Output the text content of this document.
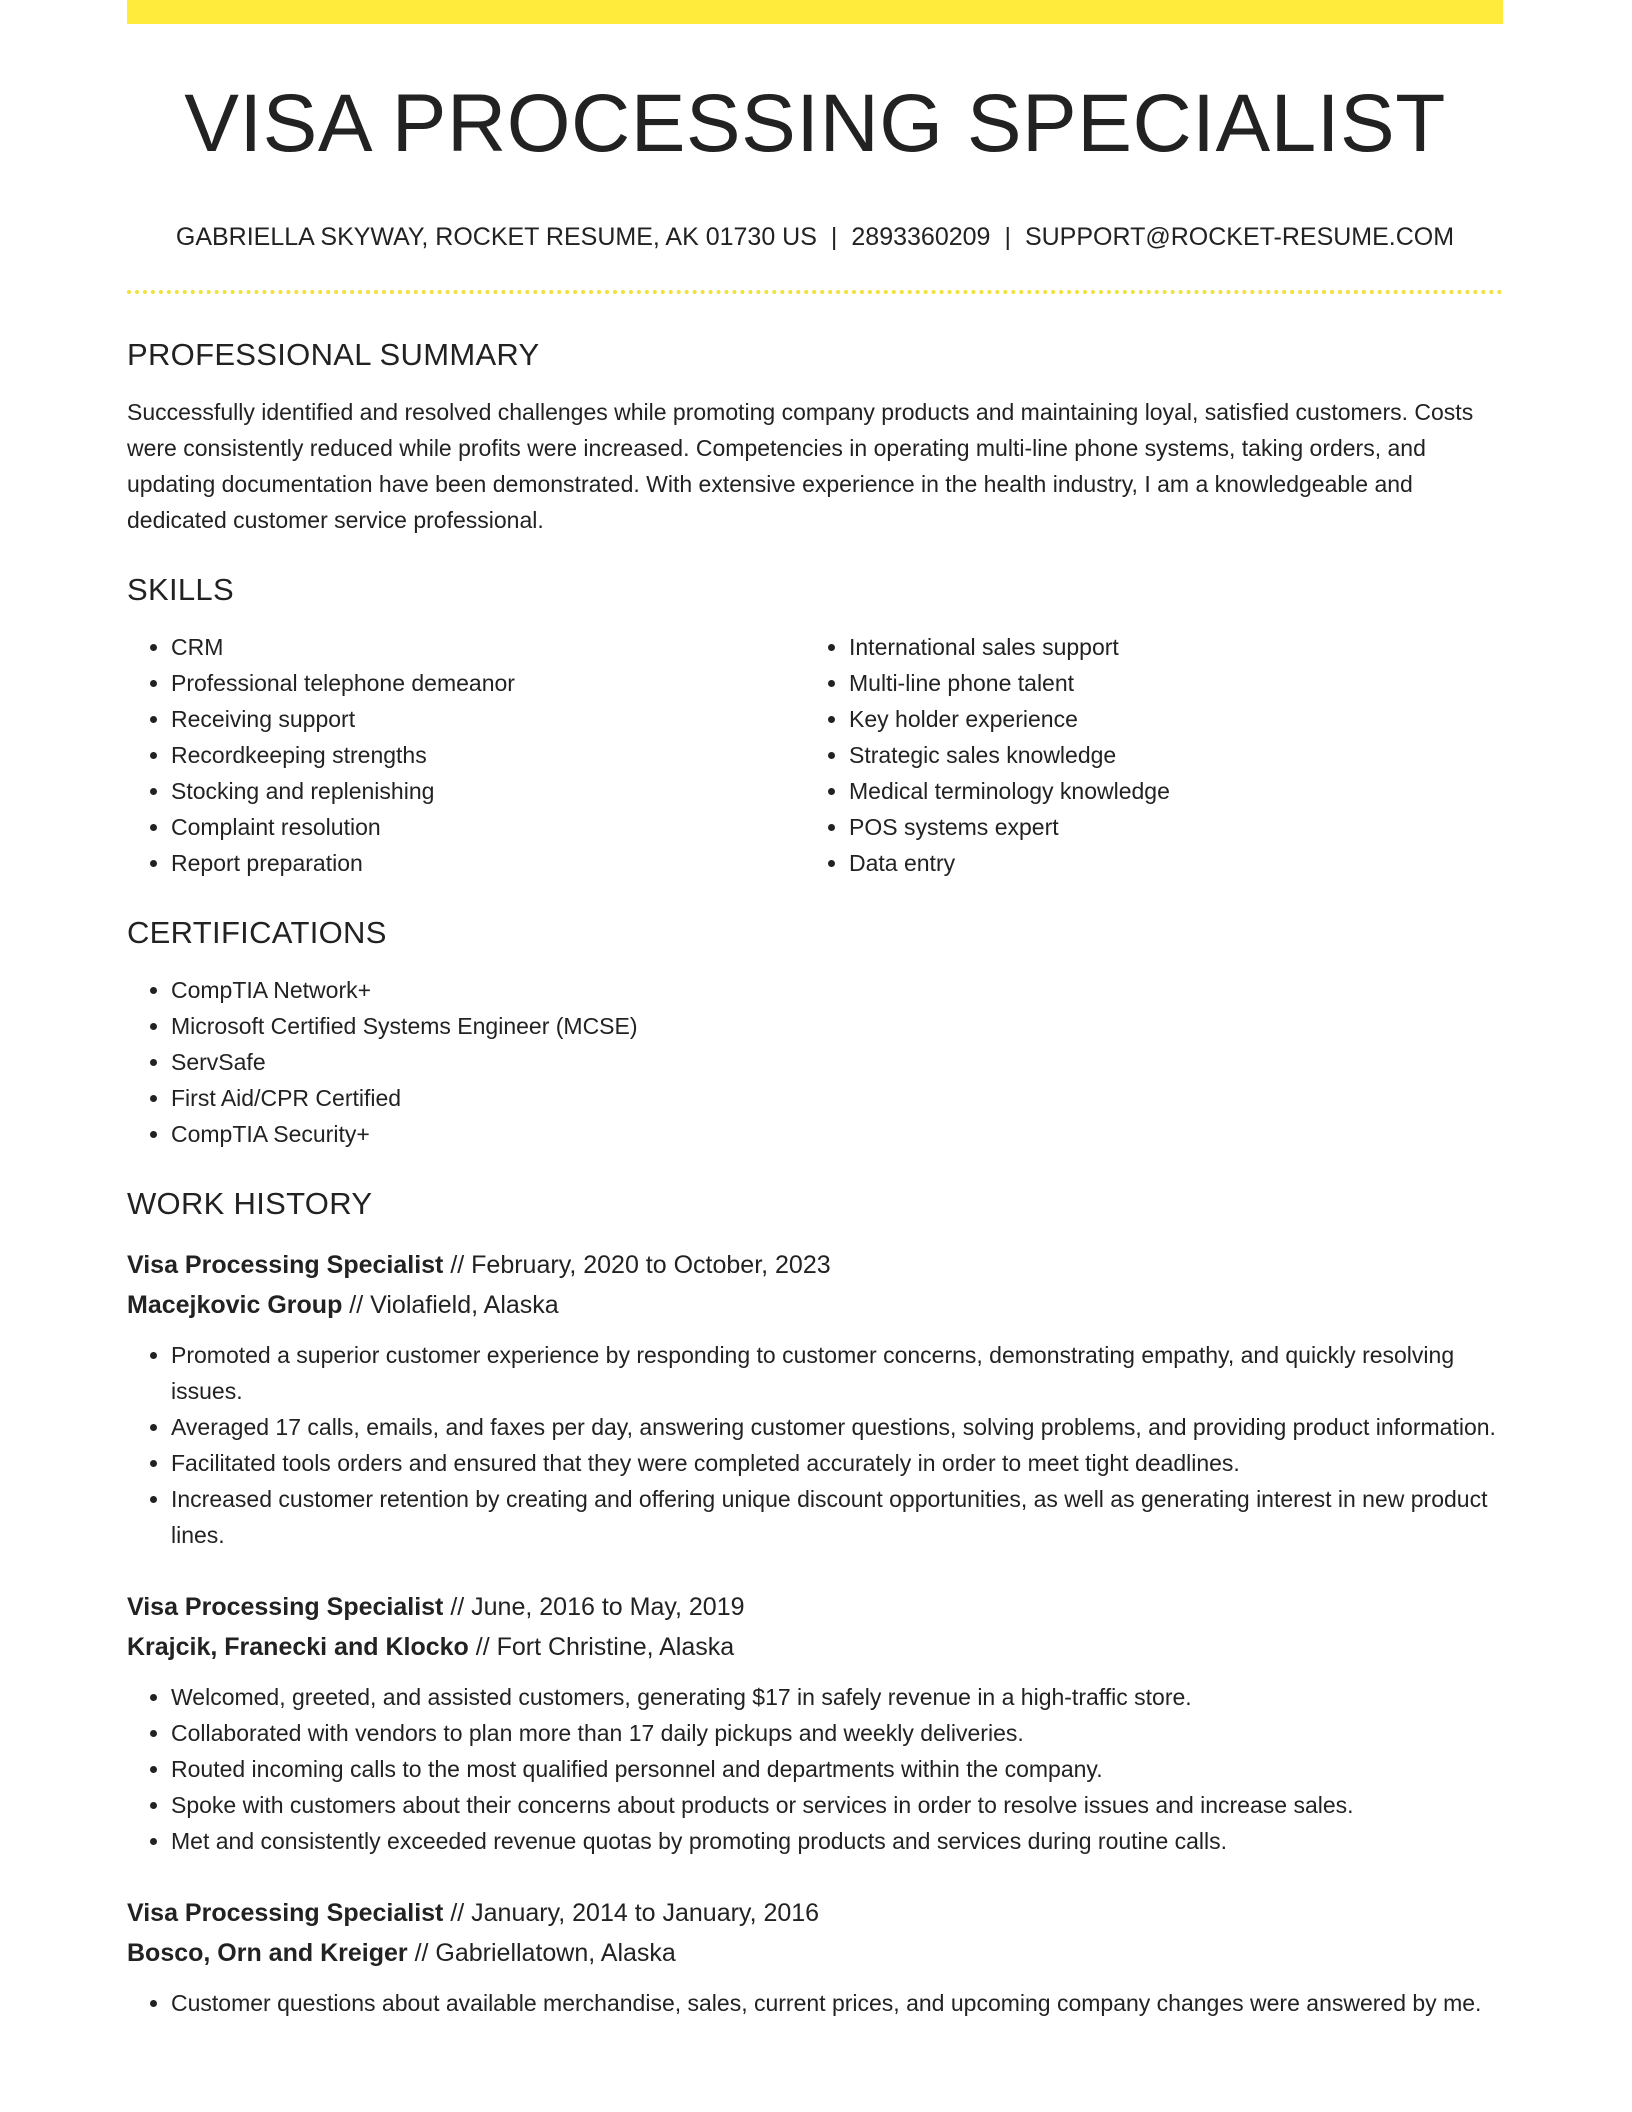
VISA PROCESSING SPECIALIST
GABRIELLA SKYWAY, ROCKET RESUME, AK 01730 US | 2893360209 | SUPPORT@ROCKET-RESUME.COM
PROFESSIONAL SUMMARY

Successfully identified and resolved challenges while promoting company products and maintaining loyal, satisfied customers. Costs were consistently reduced while profits were increased. Competencies in operating multi-line phone systems, taking orders, and updating documentation have been demonstrated. With extensive experience in the health industry, I am a knowledgeable and dedicated customer service professional.

SKILLS
• CRM
• Professional telephone demeanor
• Receiving support
• Recordkeeping strengths
• Stocking and replenishing
• Complaint resolution
• Report preparation
• International sales support
• Multi-line phone talent
• Key holder experience
• Strategic sales knowledge
• Medical terminology knowledge
• POS systems expert
• Data entry
CERTIFICATIONS
• CompTIA Network+
• Microsoft Certified Systems Engineer (MCSE)
• ServSafe
• First Aid/CPR Certified
• CompTIA Security+
WORK HISTORY
Visa Processing Specialist // February, 2020 to October, 2023
Macejkovic Group // Violafield, Alaska
• Promoted a superior customer experience by responding to customer concerns, demonstrating empathy, and quickly resolving issues.
• Averaged 17 calls, emails, and faxes per day, answering customer questions, solving problems, and providing product information.
• Facilitated tools orders and ensured that they were completed accurately in order to meet tight deadlines.
• Increased customer retention by creating and offering unique discount opportunities, as well as generating interest in new product lines.
Visa Processing Specialist // June, 2016 to May, 2019
Krajcik, Franecki and Klocko // Fort Christine, Alaska
• Welcomed, greeted, and assisted customers, generating $17 in safely revenue in a high-traffic store.
• Collaborated with vendors to plan more than 17 daily pickups and weekly deliveries.
• Routed incoming calls to the most qualified personnel and departments within the company.
• Spoke with customers about their concerns about products or services in order to resolve issues and increase sales.
• Met and consistently exceeded revenue quotas by promoting products and services during routine calls.
Visa Processing Specialist // January, 2014 to January, 2016
Bosco, Orn and Kreiger // Gabriellatown, Alaska
• Customer questions about available merchandise, sales, current prices, and upcoming company changes were answered by me.
